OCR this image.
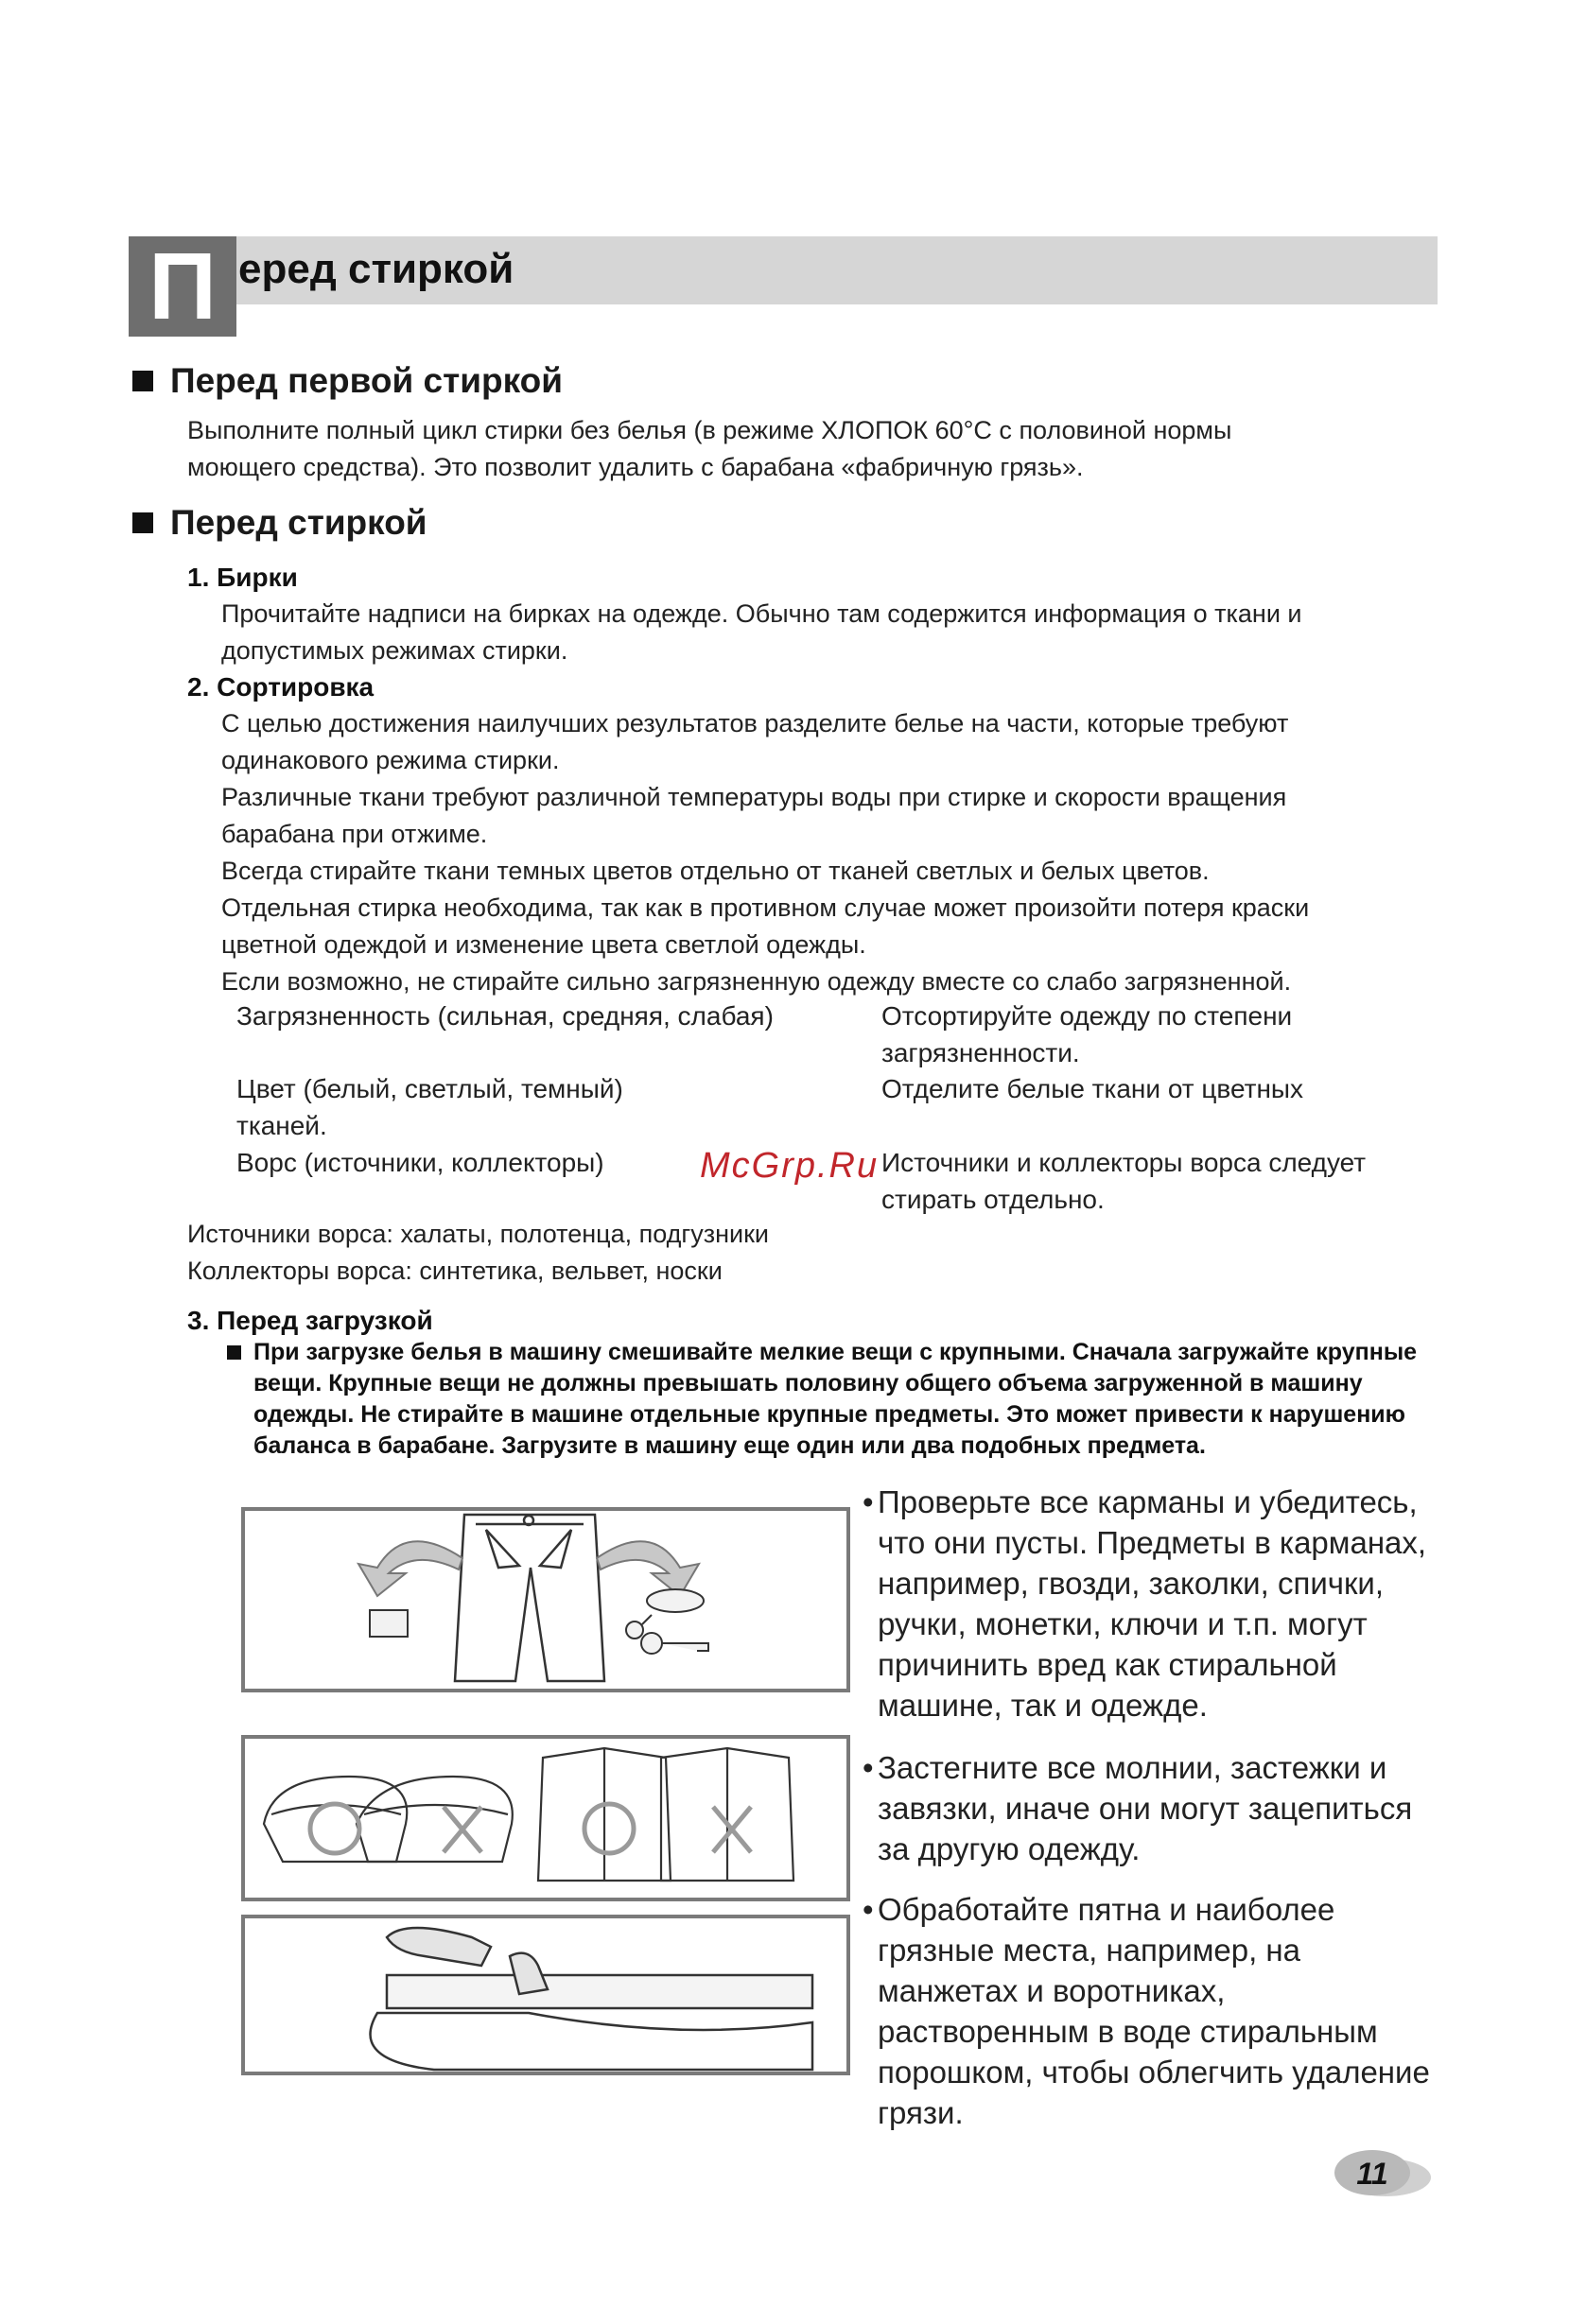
П еред стиркой
Перед первой стиркой

Выполните полный цикл стирки без белья (в режиме ХЛОПОК 60°С с половиной нормы

моющего средства). Это позволит удалить с барабана «фабричную грязь».

Перед стиркой
1. Бирки

Прочитайте надписи на бирках на одежде. Обычно там содержится информация о ткани и

допустимых режимах стирки.

2. Сортировка

С целью достижения наилучших результатов разделите белье на части, которые требуют

одинакового режима стирки.

Различные ткани требуют различной температуры воды при стирке и скорости вращения

барабана при отжиме.

Всегда стирайте ткани темных цветов отдельно от тканей светлых и белых цветов.

Отдельная стирка необходима, так как в противном случае может произойти потеря краски

цветной одеждой и изменение цвета светлой одежды.

Если возможно, не стирайте сильно загрязненную одежду вместе со слабо загрязненной.

Загрязненность (сильная, средняя, слабая)	Отсортируйте одежду по степени
загрязненности.
Цвет (белый, светлый, темный)
тканей.
Отделите белые ткани от цветных
Ворс (источники, коллекторы)	Источники и коллекторы ворса следует
стирать отдельно.
McGrp.Ru
Источники ворса: халаты, полотенца, подгузники
Коллекторы ворса: синтетика, вельвет, носки
3. Перед загрузкой

При загрузке белья в машину смешивайте мелкие вещи с крупными. Сначала загружайте крупные

вещи. Крупные вещи не должны превышать половину общего объема загруженной в машину

одежды. Не стирайте в машине отдельные крупные предметы. Это может привести к нарушению

баланса в барабане. Загрузите в машину еще один или два подобных предмета.

• Проверьте все карманы и убедитесь,
что они пусты. Предметы в карманах,
например, гвозди, заколки, спички,
ручки, монетки, ключи и т.п. могут
причинить вред как стиральной
машине, так и одежде.
• Застегните все молнии, застежки и
завязки, иначе они могут зацепиться
за другую одежду.
• Обработайте пятна и наиболее
грязные места, например, на
манжетах и воротниках,
растворенным в воде стиральным
порошком, чтобы облегчить удаление
грязи.
11
